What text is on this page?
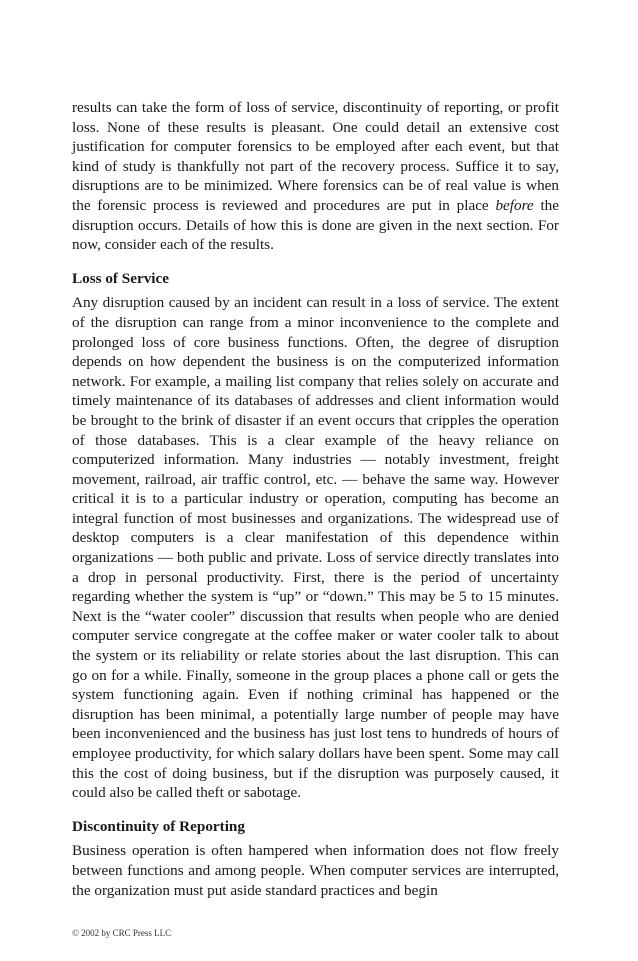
results can take the form of loss of service, discontinuity of reporting, or profit loss. None of these results is pleasant. One could detail an extensive cost justification for computer forensics to be employed after each event, but that kind of study is thankfully not part of the recovery process. Suffice it to say, disruptions are to be minimized. Where forensics can be of real value is when the forensic process is reviewed and procedures are put in place before the disruption occurs. Details of how this is done are given in the next section. For now, consider each of the results.

Loss of Service

Any disruption caused by an incident can result in a loss of service. The extent of the disruption can range from a minor inconvenience to the complete and prolonged loss of core business functions. Often, the degree of disruption depends on how dependent the business is on the computerized information network. For example, a mailing list company that relies solely on accurate and timely maintenance of its databases of addresses and client information would be brought to the brink of disaster if an event occurs that cripples the operation of those databases. This is a clear example of the heavy reliance on computerized information. Many industries — notably investment, freight movement, railroad, air traffic control, etc. — behave the same way. However critical it is to a particular industry or operation, computing has become an integral function of most businesses and organizations. The widespread use of desktop computers is a clear manifestation of this dependence within organizations — both public and private. Loss of service directly translates into a drop in personal productivity. First, there is the period of uncertainty regarding whether the system is “up” or “down.” This may be 5 to 15 minutes. Next is the “water cooler” discussion that results when people who are denied computer service congregate at the coffee maker or water cooler talk to about the system or its reliability or relate stories about the last disruption. This can go on for a while. Finally, someone in the group places a phone call or gets the system functioning again. Even if nothing criminal has happened or the disruption has been minimal, a potentially large number of people may have been inconvenienced and the business has just lost tens to hundreds of hours of employee productivity, for which salary dollars have been spent. Some may call this the cost of doing business, but if the disruption was purposely caused, it could also be called theft or sabotage.

Discontinuity of Reporting

Business operation is often hampered when information does not flow freely between functions and among people. When computer services are interrupted, the organization must put aside standard practices and begin

© 2002 by CRC Press LLC
